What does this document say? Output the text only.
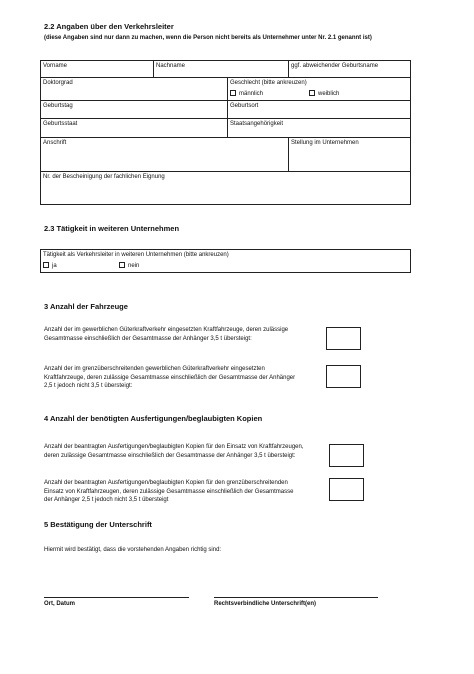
2.2 Angaben über den Verkehrsleiter
(diese Angaben sind nur dann zu machen, wenn die Person nicht bereits als Unternehmer unter Nr. 2.1 genannt ist)
Vorname	Nachname	ggf. abweichender Geburtsname
Doktorgrad	Geschlecht (bitte ankreuzen)
männlich	weiblich
Geburtstag	Geburtsort
Geburtsstaat	Staatsangehörigkeit
Anschrift	Stellung im Unternehmen
Nr. der Bescheinigung der fachlichen Eignung
2.3 Tätigkeit in weiteren Unternehmen
Tätigkeit als Verkehrsleiter in weiteren Unternehmen (bitte ankreuzen)
ja	nein
3 Anzahl der Fahrzeuge
Anzahl der im gewerblichen Güterkraftverkehr eingesetzten Kraftfahrzeuge, deren zulässige
Gesamtmasse einschließlich der Gesamtmasse der Anhänger 3,5 t übersteigt:
Anzahl der im grenzüberschreitenden gewerblichen Güterkraftverkehr eingesetzten
Kraftfahrzeuge, deren zulässige Gesamtmasse einschließlich der Gesamtmasse der Anhänger
2,5 t jedoch nicht 3,5 t übersteigt:
4 Anzahl der benötigten Ausfertigungen/beglaubigten Kopien
Anzahl der beantragten Ausfertigungen/beglaubigten Kopien für den Einsatz von Kraftfahrzeugen,
deren zulässige Gesamtmasse einschließlich der Gesamtmasse der Anhänger 3,5 t übersteigt:
Anzahl der beantragten Ausfertigungen/beglaubigten Kopien für den grenzüberschreitenden
Einsatz von Kraftfahrzeugen, deren zulässige Gesamtmasse einschließlich der Gesamtmasse
der Anhänger 2,5 t jedoch nicht 3,5 t übersteigt
5 Bestätigung der Unterschrift
Hiermit wird bestätigt, dass die vorstehenden Angaben richtig sind:
Ort, Datum	Rechtsverbindliche Unterschrift(en)
